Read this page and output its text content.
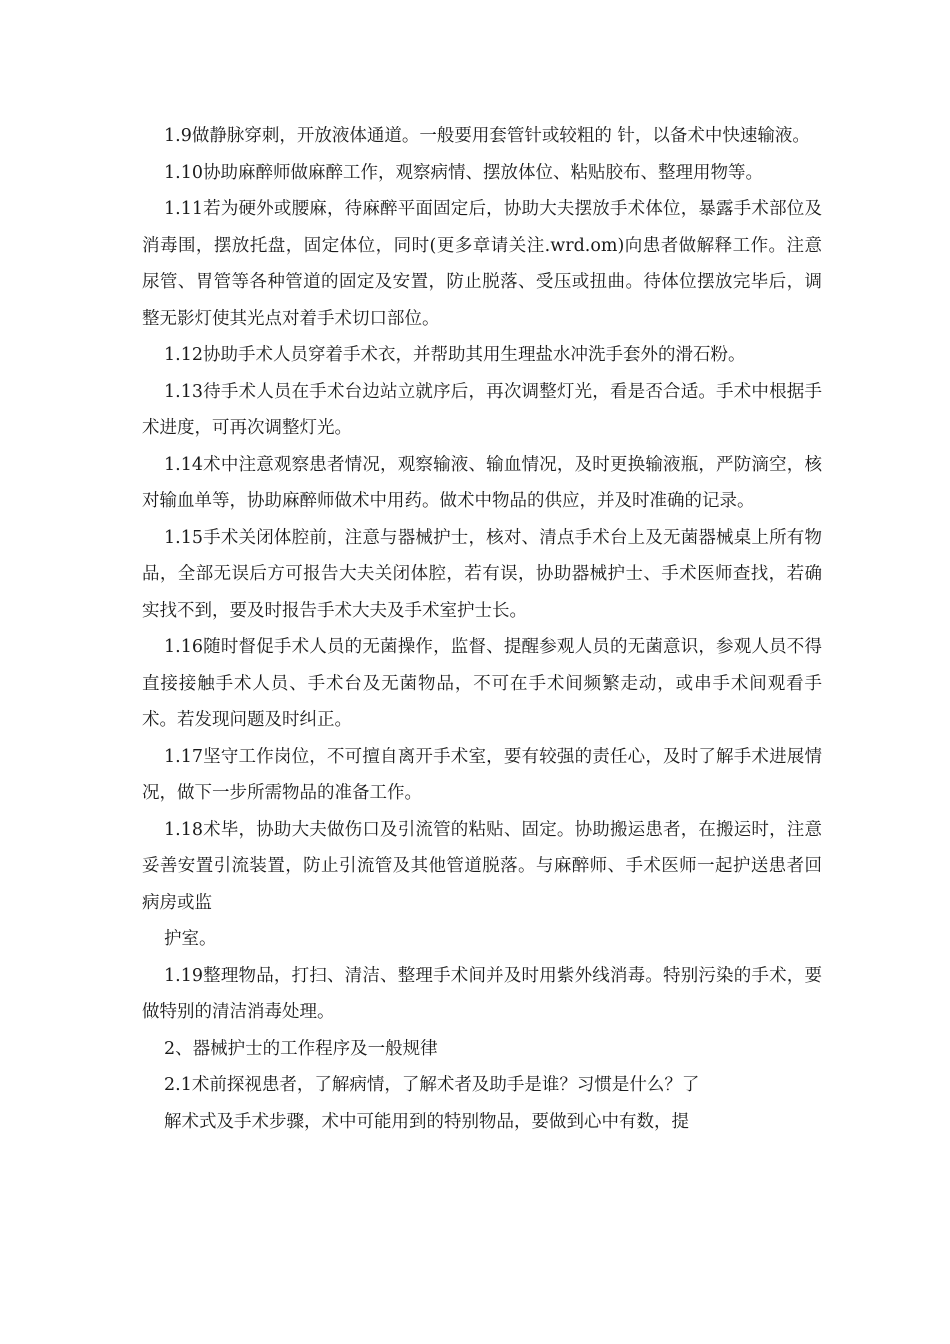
1.9做静脉穿刺，开放液体通道。一般要用套管针或较粗的 针，以备术中快速输液。

1.10协助麻醉师做麻醉工作，观察病情、摆放体位、粘贴胶布、整理用物等。

1.11若为硬外或腰麻，待麻醉平面固定后，协助大夫摆放手术体位，暴露手术部位及消毒围，摆放托盘，固定体位，同时(更多章请关注.wrd.om)向患者做解释工作。注意尿管、胃管等各种管道的固定及安置，防止脱落、受压或扭曲。待体位摆放完毕后，调整无影灯使其光点对着手术切口部位。

1.12协助手术人员穿着手术衣，并帮助其用生理盐水冲洗手套外的滑石粉。

1.13待手术人员在手术台边站立就序后，再次调整灯光，看是否合适。手术中根据手术进度，可再次调整灯光。

1.14术中注意观察患者情况，观察输液、输血情况，及时更换输液瓶，严防滴空，核对输血单等，协助麻醉师做术中用药。做术中物品的供应，并及时准确的记录。

1.15手术关闭体腔前，注意与器械护士，核对、清点手术台上及无菌器械桌上所有物品，全部无误后方可报告大夫关闭体腔，若有误，协助器械护士、手术医师查找，若确实找不到，要及时报告手术大夫及手术室护士长。

1.16随时督促手术人员的无菌操作，监督、提醒参观人员的无菌意识，参观人员不得直接接触手术人员、手术台及无菌物品，不可在手术间频繁走动，或串手术间观看手术。若发现问题及时纠正。

1.17坚守工作岗位，不可擅自离开手术室，要有较强的责任心，及时了解手术进展情况，做下一步所需物品的准备工作。

1.18术毕，协助大夫做伤口及引流管的粘贴、固定。协助搬运患者，在搬运时，注意妥善安置引流装置，防止引流管及其他管道脱落。与麻醉师、手术医师一起护送患者回病房或监

护室。

1.19整理物品，打扫、清洁、整理手术间并及时用紫外线消毒。特别污染的手术，要做特别的清洁消毒处理。

2、器械护士的工作程序及一般规律

2.1术前探视患者，了解病情，了解术者及助手是谁？习惯是什么？了

解术式及手术步骤，术中可能用到的特别物品，要做到心中有数，提
